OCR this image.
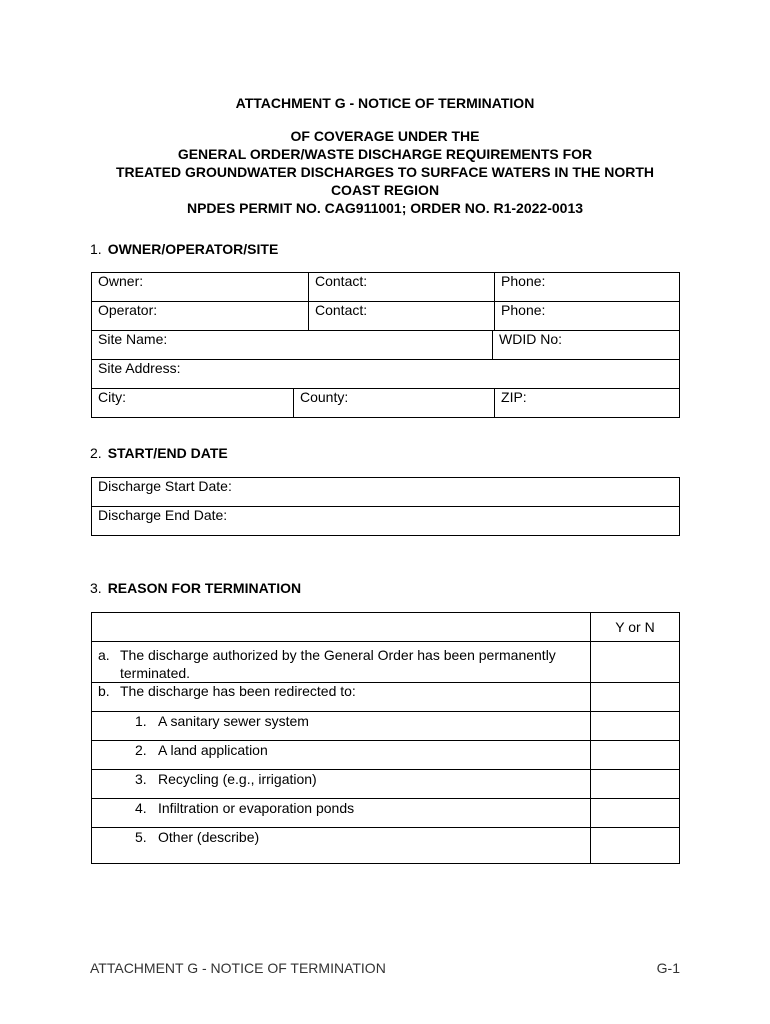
ATTACHMENT G - NOTICE OF TERMINATION
OF COVERAGE UNDER THE
GENERAL ORDER/WASTE DISCHARGE REQUIREMENTS FOR
TREATED GROUNDWATER DISCHARGES TO SURFACE WATERS IN THE NORTH
COAST REGION
NPDES PERMIT NO. CAG911001; ORDER NO. R1-2022-0013
1. OWNER/OPERATOR/SITE
Owner:		Contact:		Phone:
Operator:		Contact:		Phone:
Site Name:			WDID No:	
Site Address:				
City:	County:			ZIP:
2. START/END DATE
Discharge Start Date:
Discharge End Date:
3. REASON FOR TERMINATION
	Y or N

a. The discharge authorized by the General Order has been permanently terminated.	

b. The discharge has been redirected to:	

1. A sanitary sewer system	
2. A land application	
3. Recycling (e.g., irrigation)	
4. Infiltration or evaporation ponds	
5. Other (describe)	
ATTACHMENT G - NOTICE OF TERMINATION	G-1
